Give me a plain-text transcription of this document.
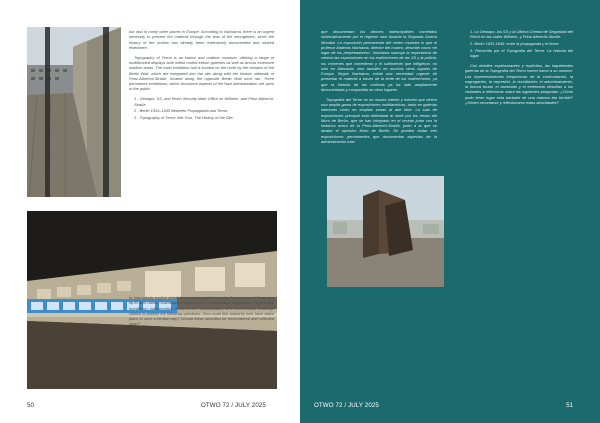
but also in many other places in Europe. According to Nachama, there is an urgent necessity to present the material through the lens of the wrongdoers, since the history of the victims has already been extensively documented and shared elsewhere.

Topography of Terror is an indoor and outdoor museum, offering a range of multifaceted displays both within roofed indoor galleries as well as across extensive outdoor areas. The main exhibition hall is located on the north by the remains of the Berlin Wall, which are integrated into the site along with the historic sidewalk of Prinz-Albrecht-Straße, located along the opposite Berlin Wall once ran. Three permanent exhibitions, which document aspects of the Nazi administration are open to the public:

1 - Gestapo, SS, and Reich Security Main Office on Wilhelm- and Prinz-Albrecht-Straße.
2 - Berlin 1933–1945 Between Propaganda and Terror.
3 - Topography of Terror Site Tour. The History of the Site.

In harrowingly explicit detail, the haunting galleries of the Topography of Terror live up to their name. Unambiguous depictions of confrontation, segregation, repression, humiliation, indoctrination, brutal torture, assassination, and extermination challenge visitors to ponder the following questions: How could this barbarity ever have taken place in such a terrible way? Should these atrocities be remembered and reflected upon?

50	OTWO 72 / JULY 2025

que documentan los atroces indescriptibles cometidos sistemáticamente por el régimen nazi durante la Segunda Guerra Mundial. La exposición permanente del centro muestra lo que el profesor Andreas Nachama, director del museo, describe como «el lugar de los perpetradores». Nachama subraya la importancia de centrar las exposiciones en los malhechores de las SS y la policía, los crímenes que cometieron y el sufrimiento que infligieron, no solo en Alemania, sino también en muchos otros lugares de Europa. Según Nachama, existe una necesidad urgente de presentar el material a través de la lente de los malhechores, ya que la historia de las víctimas ya ha sido ampliamente documentada y compartida en otros lugares.

Topografía del Terror es un museo interior y exterior que ofrece una amplia gama de exposiciones multifacéticas, tanto en galerías interiores como en amplias zonas al aire libre. La sala de exposiciones principal está delimitada al norte por los restos del Muro de Berlín, que se han integrado en el recinto junto con la histórica acera de la Prinz-Albrecht-Straße, junto a la que se alzaba el opresivo Muro de Berlín. Se pueden visitar tres exposiciones permanentes que documentan aspectos de la administración nazi:

1. La Gestapo, las SS y la Oficina Central de Seguridad del Reich en las calles Wilhelm- y Prinz-Albrecht-Straße.
2. Berlín 1933-1945: entre la propaganda y el terror.
3. Recorrido por el Topografía del Terror. La historia del lugar.

Con detalles espeluznantes y explícitos, las inquietantes galerías de la Topografía del Terror hacen honor a su nombre. Las representaciones inequívocas de la confrontación, la segregación, la represión, la humillación, el adoctrinamiento, la tortura brutal, el asesinato y el exterminio desafían a los visitantes a reflexionar sobre las siguientes preguntas: ¿Cómo pudo tener lugar esta barbarie de una manera tan terrible? ¿Deben recordarse y reflexionarse estas atrocidades?

OTWO 72 / JULY 2025	51
